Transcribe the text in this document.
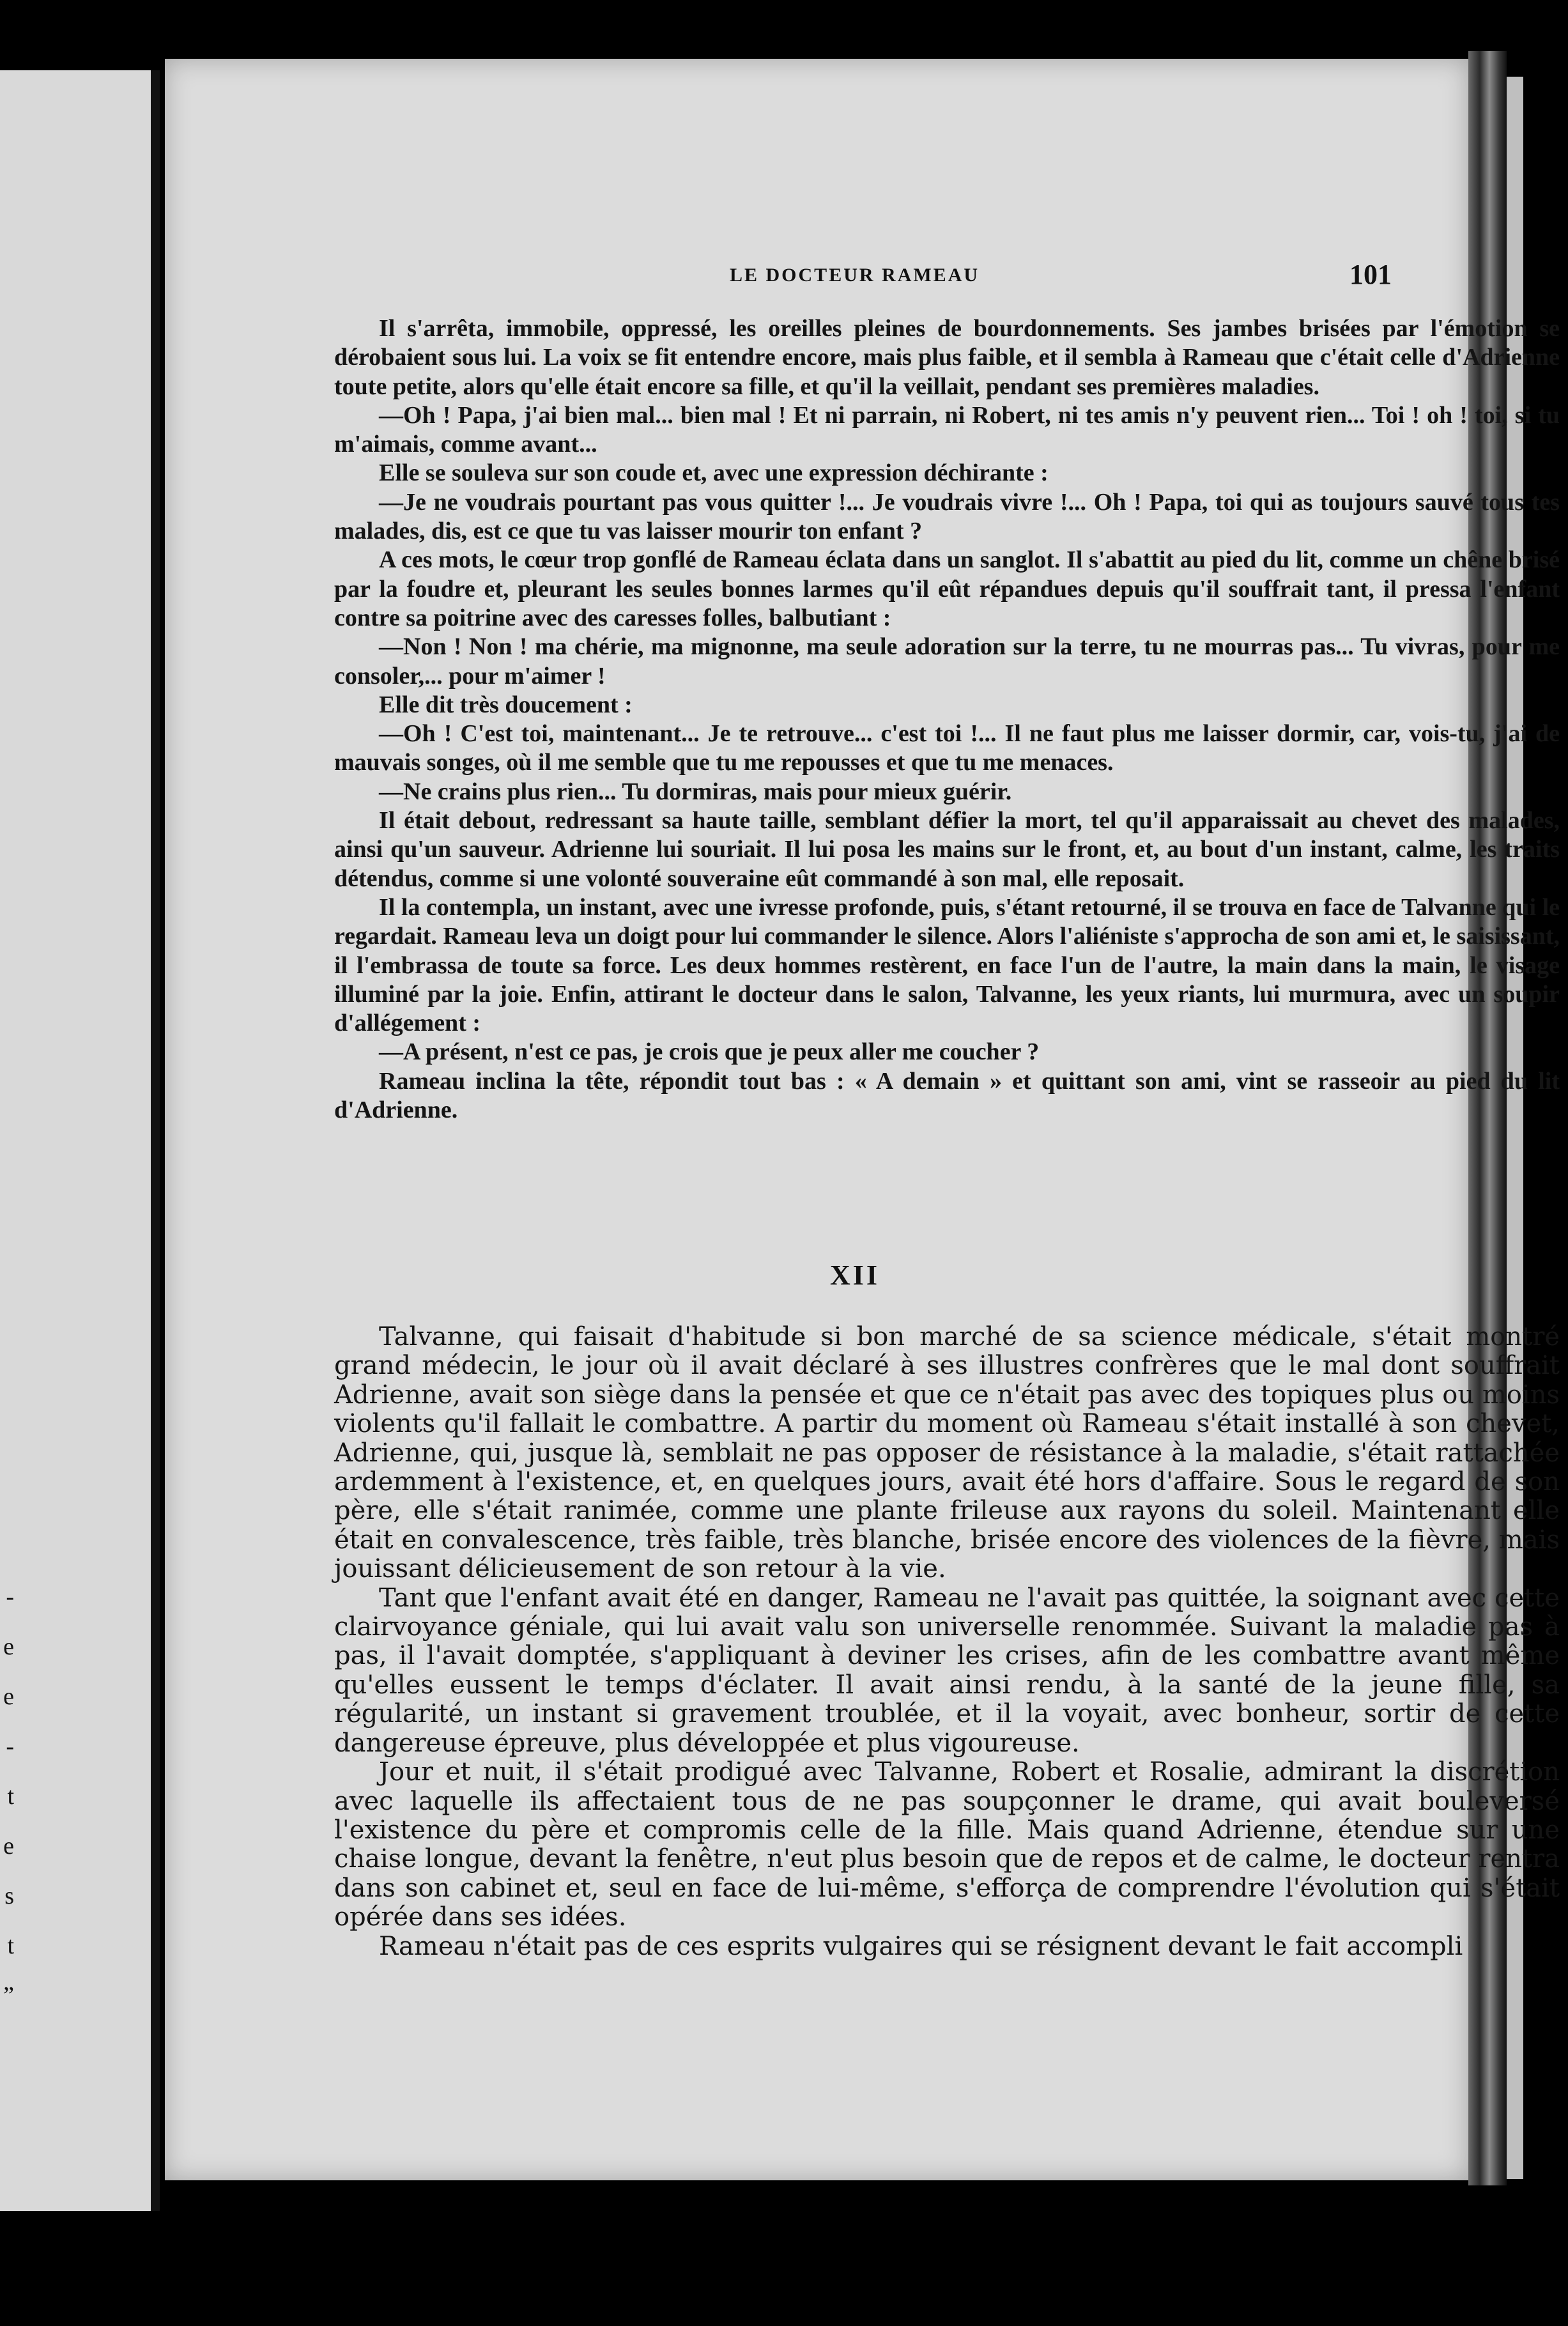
-
e
e
-
t
e
s
t
”
LE DOCTEUR RAMEAU	101

Il s'arrêta, immobile, oppressé, les oreilles pleines de bourdonnements. Ses jambes brisées par l'émotion se dérobaient sous lui. La voix se fit entendre encore, mais plus faible, et il sembla à Rameau que c'était celle d'Adrienne toute petite, alors qu'elle était encore sa fille, et qu'il la veillait, pendant ses premières maladies.

—Oh ! Papa, j'ai bien mal... bien mal ! Et ni parrain, ni Robert, ni tes amis n'y peuvent rien... Toi ! oh ! toi, si tu m'aimais, comme avant...

Elle se souleva sur son coude et, avec une expression déchirante :

—Je ne voudrais pourtant pas vous quitter !... Je voudrais vivre !... Oh ! Papa, toi qui as toujours sauvé tous tes malades, dis, est ce que tu vas laisser mourir ton enfant ?

A ces mots, le cœur trop gonflé de Rameau éclata dans un sanglot. Il s'abattit au pied du lit, comme un chêne brisé par la foudre et, pleurant les seules bonnes larmes qu'il eût répandues depuis qu'il souffrait tant, il pressa l'enfant contre sa poitrine avec des caresses folles, balbutiant :

—Non ! Non ! ma chérie, ma mignonne, ma seule adoration sur la terre, tu ne mourras pas... Tu vivras, pour me consoler,... pour m'aimer !

Elle dit très doucement :

—Oh ! C'est toi, maintenant... Je te retrouve... c'est toi !... Il ne faut plus me laisser dormir, car, vois-tu, j'ai de mauvais songes, où il me semble que tu me repousses et que tu me menaces.

—Ne crains plus rien... Tu dormiras, mais pour mieux guérir.

Il était debout, redressant sa haute taille, semblant défier la mort, tel qu'il apparaissait au chevet des malades, ainsi qu'un sauveur. Adrienne lui souriait. Il lui posa les mains sur le front, et, au bout d'un instant, calme, les traits détendus, comme si une volonté souveraine eût commandé à son mal, elle reposait.

Il la contempla, un instant, avec une ivresse profonde, puis, s'étant retourné, il se trouva en face de Talvanne qui le regardait. Rameau leva un doigt pour lui commander le silence. Alors l'aliéniste s'approcha de son ami et, le saisissant, il l'embrassa de toute sa force. Les deux hommes restèrent, en face l'un de l'autre, la main dans la main, le visage illuminé par la joie. Enfin, attirant le docteur dans le salon, Talvanne, les yeux riants, lui murmura, avec un soupir d'allégement :

—A présent, n'est ce pas, je crois que je peux aller me coucher ?

Rameau inclina la tête, répondit tout bas : « A demain » et quittant son ami, vint se rasseoir au pied du lit d'Adrienne.

XII

Talvanne, qui faisait d'habitude si bon marché de sa science médicale, s'était montré grand médecin, le jour où il avait déclaré à ses illustres confrères que le mal dont souffrait Adrienne, avait son siège dans la pensée et que ce n'était pas avec des topiques plus ou moins violents qu'il fallait le combattre. A partir du moment où Rameau s'était installé à son chevet, Adrienne, qui, jusque là, semblait ne pas opposer de résistance à la maladie, s'était rattachée ardemment à l'existence, et, en quelques jours, avait été hors d'affaire. Sous le regard de son père, elle s'était ranimée, comme une plante frileuse aux rayons du soleil. Maintenant elle était en convalescence, très faible, très blanche, brisée encore des violences de la fièvre, mais jouissant délicieusement de son retour à la vie.

Tant que l'enfant avait été en danger, Rameau ne l'avait pas quittée, la soignant avec cette clairvoyance géniale, qui lui avait valu son universelle renommée. Suivant la maladie pas à pas, il l'avait domptée, s'appliquant à deviner les crises, afin de les combattre avant même qu'elles eussent le temps d'éclater. Il avait ainsi rendu, à la santé de la jeune fille, sa régularité, un instant si gravement troublée, et il la voyait, avec bonheur, sortir de cette dangereuse épreuve, plus développée et plus vigoureuse.

Jour et nuit, il s'était prodigué avec Talvanne, Robert et Rosalie, admirant la discrétion avec laquelle ils affectaient tous de ne pas soupçonner le drame, qui avait bouleversé l'existence du père et compromis celle de la fille. Mais quand Adrienne, étendue sur une chaise longue, devant la fenêtre, n'eut plus besoin que de repos et de calme, le docteur rentra dans son cabinet et, seul en face de lui-même, s'efforça de comprendre l'évolution qui s'était opérée dans ses idées.

Rameau n'était pas de ces esprits vulgaires qui se résignent devant le fait accompli
